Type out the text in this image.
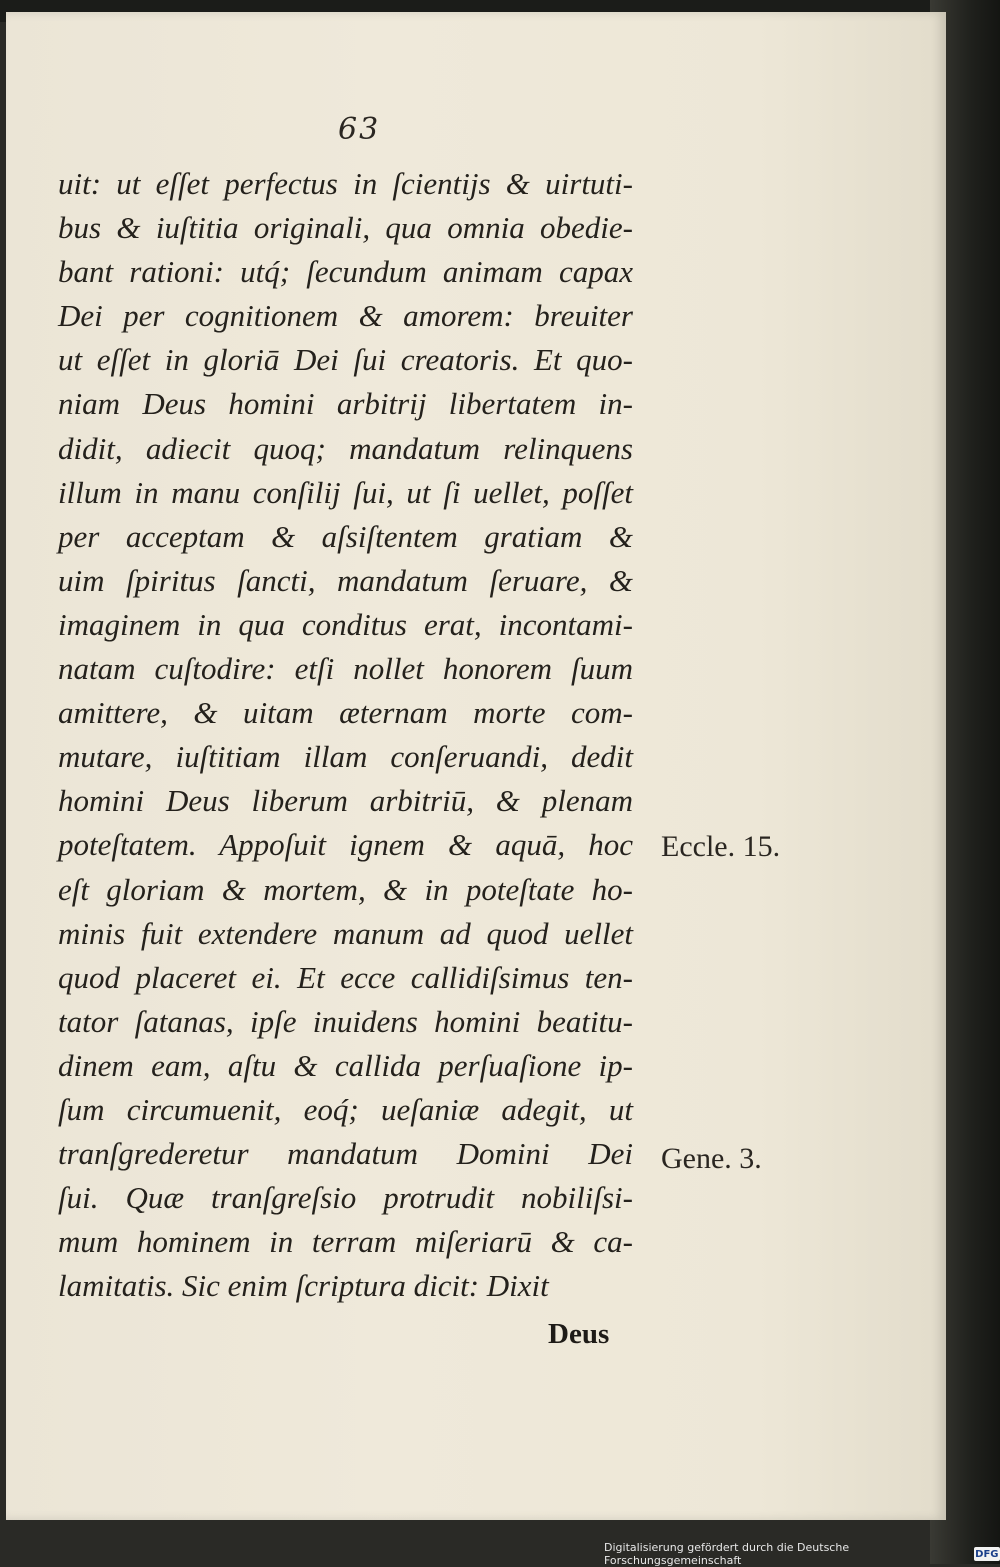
63
uit: ut eſſet perfectus in ſcientijs & uirtuti-
bus & iuſtitia originali, qua omnia obedie-
bant rationi: utq́; ſecundum animam capax
Dei per cognitionem & amorem: breuiter
ut eſſet in gloriā Dei ſui creatoris. Et quo-
niam Deus homini arbitrij libertatem in-
didit, adiecit quoq; mandatum relinquens
illum in manu conſilij ſui, ut ſi uellet, poſſet
per acceptam & aſsiſtentem gratiam &
uim ſpiritus ſancti, mandatum ſeruare, &
imaginem in qua conditus erat, incontami-
natam cuſtodire: etſi nollet honorem ſuum
amittere, & uitam æternam morte com-
mutare, iuſtitiam illam conſeruandi, dedit
homini Deus liberum arbitriū, & plenam
poteſtatem. Appoſuit ignem & aquā, hoc
eſt gloriam & mortem, & in poteſtate ho-
minis fuit extendere manum ad quod uellet
quod placeret ei. Et ecce callidiſsimus ten-
tator ſatanas, ipſe inuidens homini beatitu-
dinem eam, aſtu & callida perſuaſione ip-
ſum circumuenit, eoq́; ueſaniæ adegit, ut
tranſgrederetur mandatum Domini Dei
ſui. Quæ tranſgreſsio protrudit nobiliſsi-
mum hominem in terram miſeriarū & ca-
lamitatis. Sic enim ſcriptura dicit: Dixit
Deus
Eccle. 15.
Gene. 3.
Digitalisierung gefördert durch die Deutsche Forschungsgemeinschaft	DFG
